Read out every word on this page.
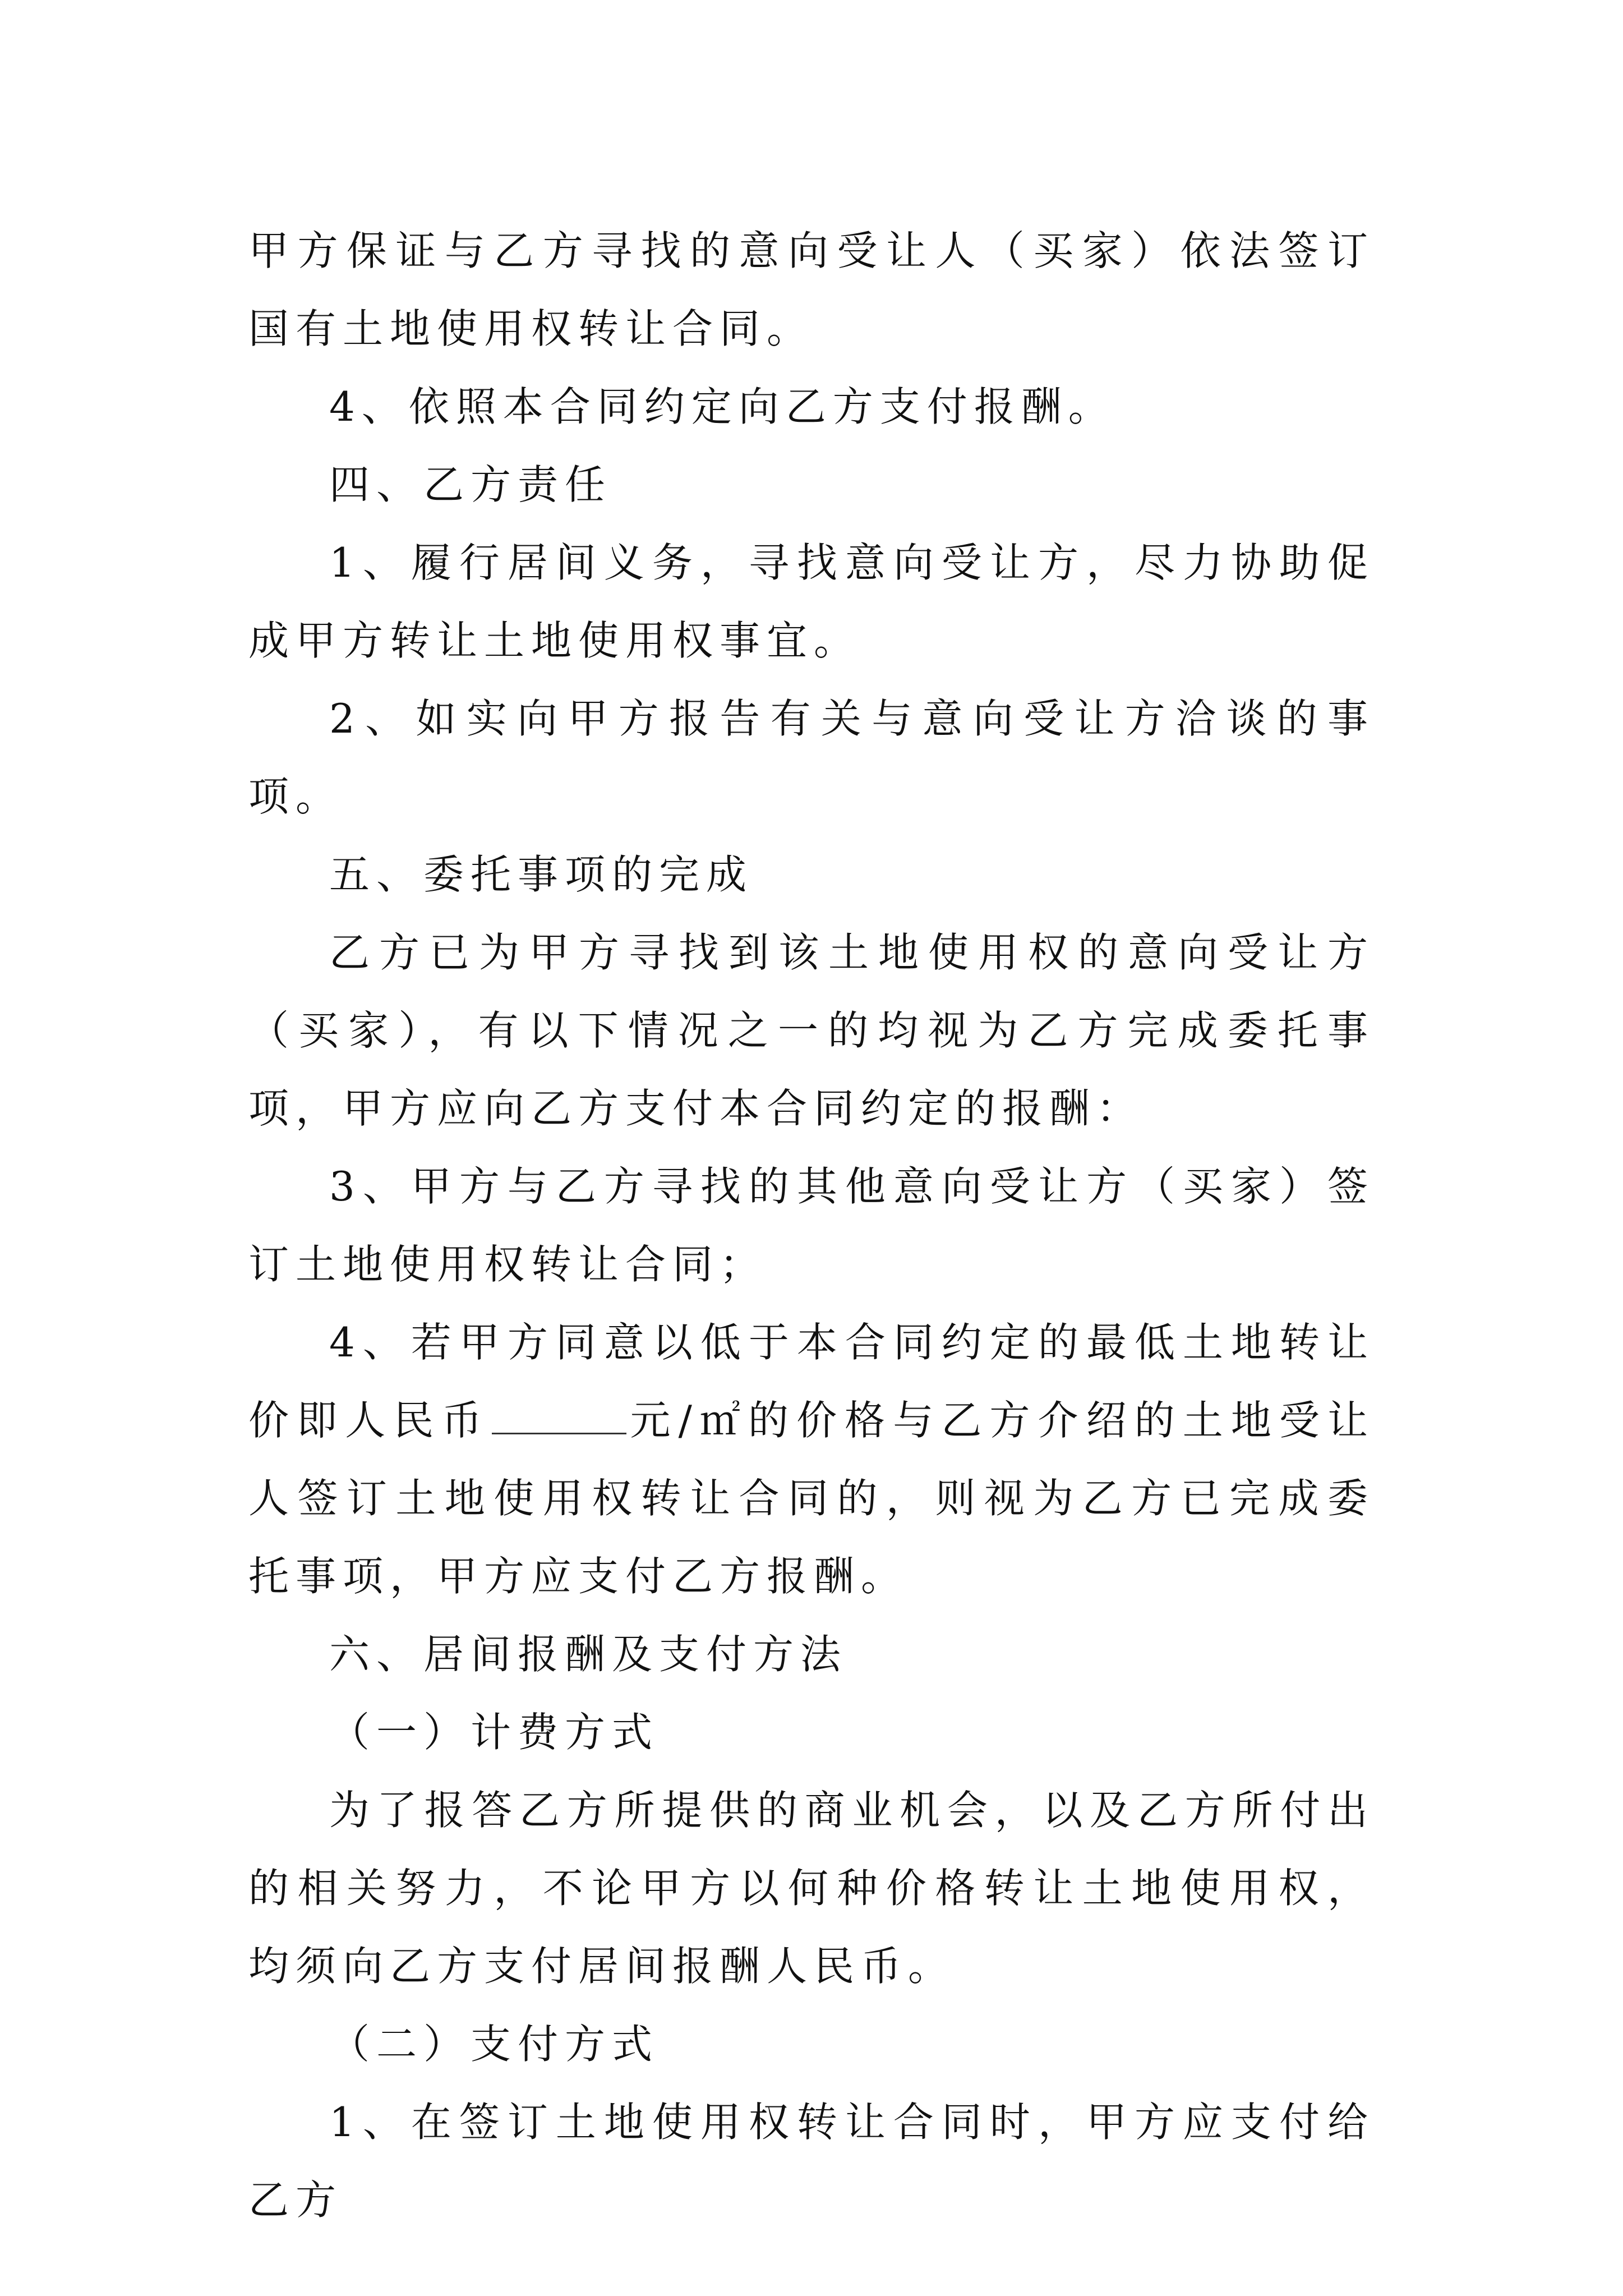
甲方保证与乙方寻找的意向受让人（买家）依法签订国有土地使用权转让合同。

4、依照本合同约定向乙方支付报酬。

四、乙方责任

1、履行居间义务，寻找意向受让方，尽力协助促成甲方转让土地使用权事宜。

2、如实向甲方报告有关与意向受让方洽谈的事项。

五、委托事项的完成

乙方已为甲方寻找到该土地使用权的意向受让方（买家），有以下情况之一的均视为乙方完成委托事项，甲方应向乙方支付本合同约定的报酬：

3、甲方与乙方寻找的其他意向受让方（买家）签订土地使用权转让合同；

4、若甲方同意以低于本合同约定的最低土地转让价即人民币	元/㎡的价格与乙方介绍的土地受让人签订土地使用权转让合同的，则视为乙方已完成委托事项，甲方应支付乙方报酬。

六、居间报酬及支付方法

（一）计费方式

为了报答乙方所提供的商业机会，以及乙方所付出的相关努力，不论甲方以何种价格转让土地使用权，均须向乙方支付居间报酬人民币。

（二）支付方式

1、在签订土地使用权转让合同时，甲方应支付给乙方
